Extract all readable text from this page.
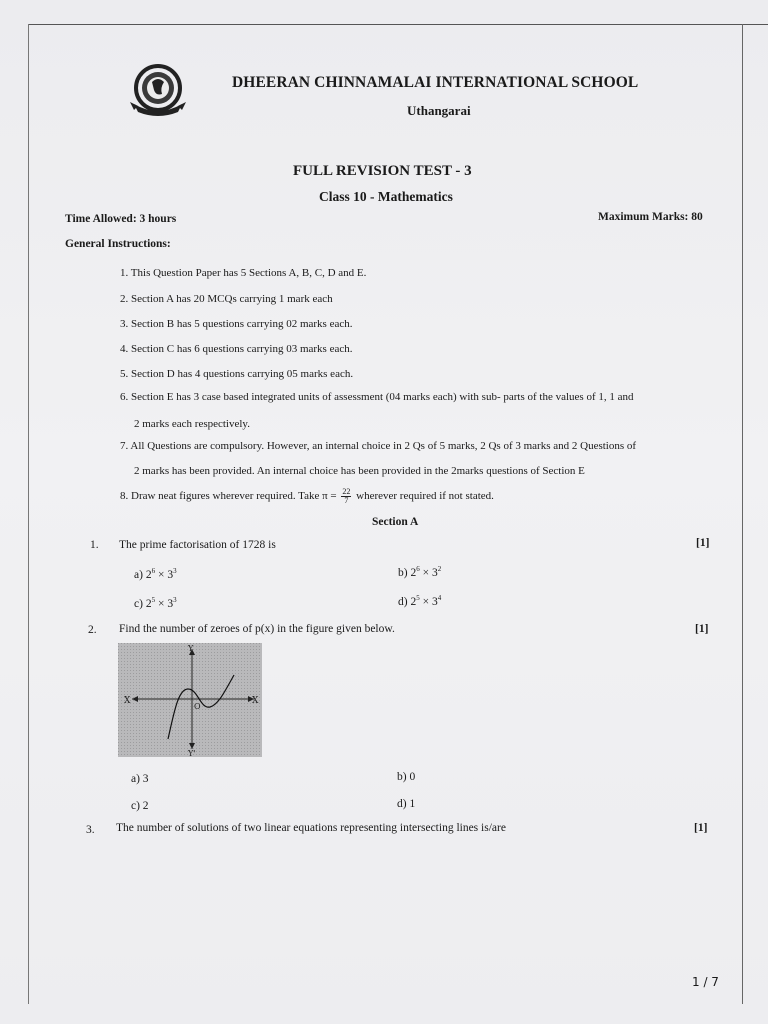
DHEERAN CHINNAMALAI INTERNATIONAL SCHOOL
Uthangarai
FULL REVISION TEST - 3
Class 10 - Mathematics
Time Allowed: 3 hours	Maximum Marks: 80
General Instructions:
1. This Question Paper has 5 Sections A, B, C, D and E.
2. Section A has 20 MCQs carrying 1 mark each
3. Section B has 5 questions carrying 02 marks each.
4. Section C has 6 questions carrying 03 marks each.
5. Section D has 4 questions carrying 05 marks each.
6. Section E has 3 case based integrated units of assessment (04 marks each) with sub- parts of the values of 1, 1 and
2 marks each respectively.
7. All Questions are compulsory. However, an internal choice in 2 Qs of 5 marks, 2 Qs of 3 marks and 2 Questions of
2 marks has been provided. An internal choice has been provided in the 2marks questions of Section E
8. Draw neat figures wherever required. Take $\pi = \frac{22}{7}$ wherever required if not stated.
Section A
1. The prime factorisation of 1728 is	[1]
a) $2^6 \times 3^3$	b) $2^6 \times 3^2$
c) $2^5 \times 3^3$	d) $2^5 \times 3^4$
2. Find the number of zeroes of p(x) in the figure given below.	[1]
X	X
Y
Y'
O
a) 3	b) 0
c) 2	d) 1
3. The number of solutions of two linear equations representing intersecting lines is/are	[1]
1 / 7
